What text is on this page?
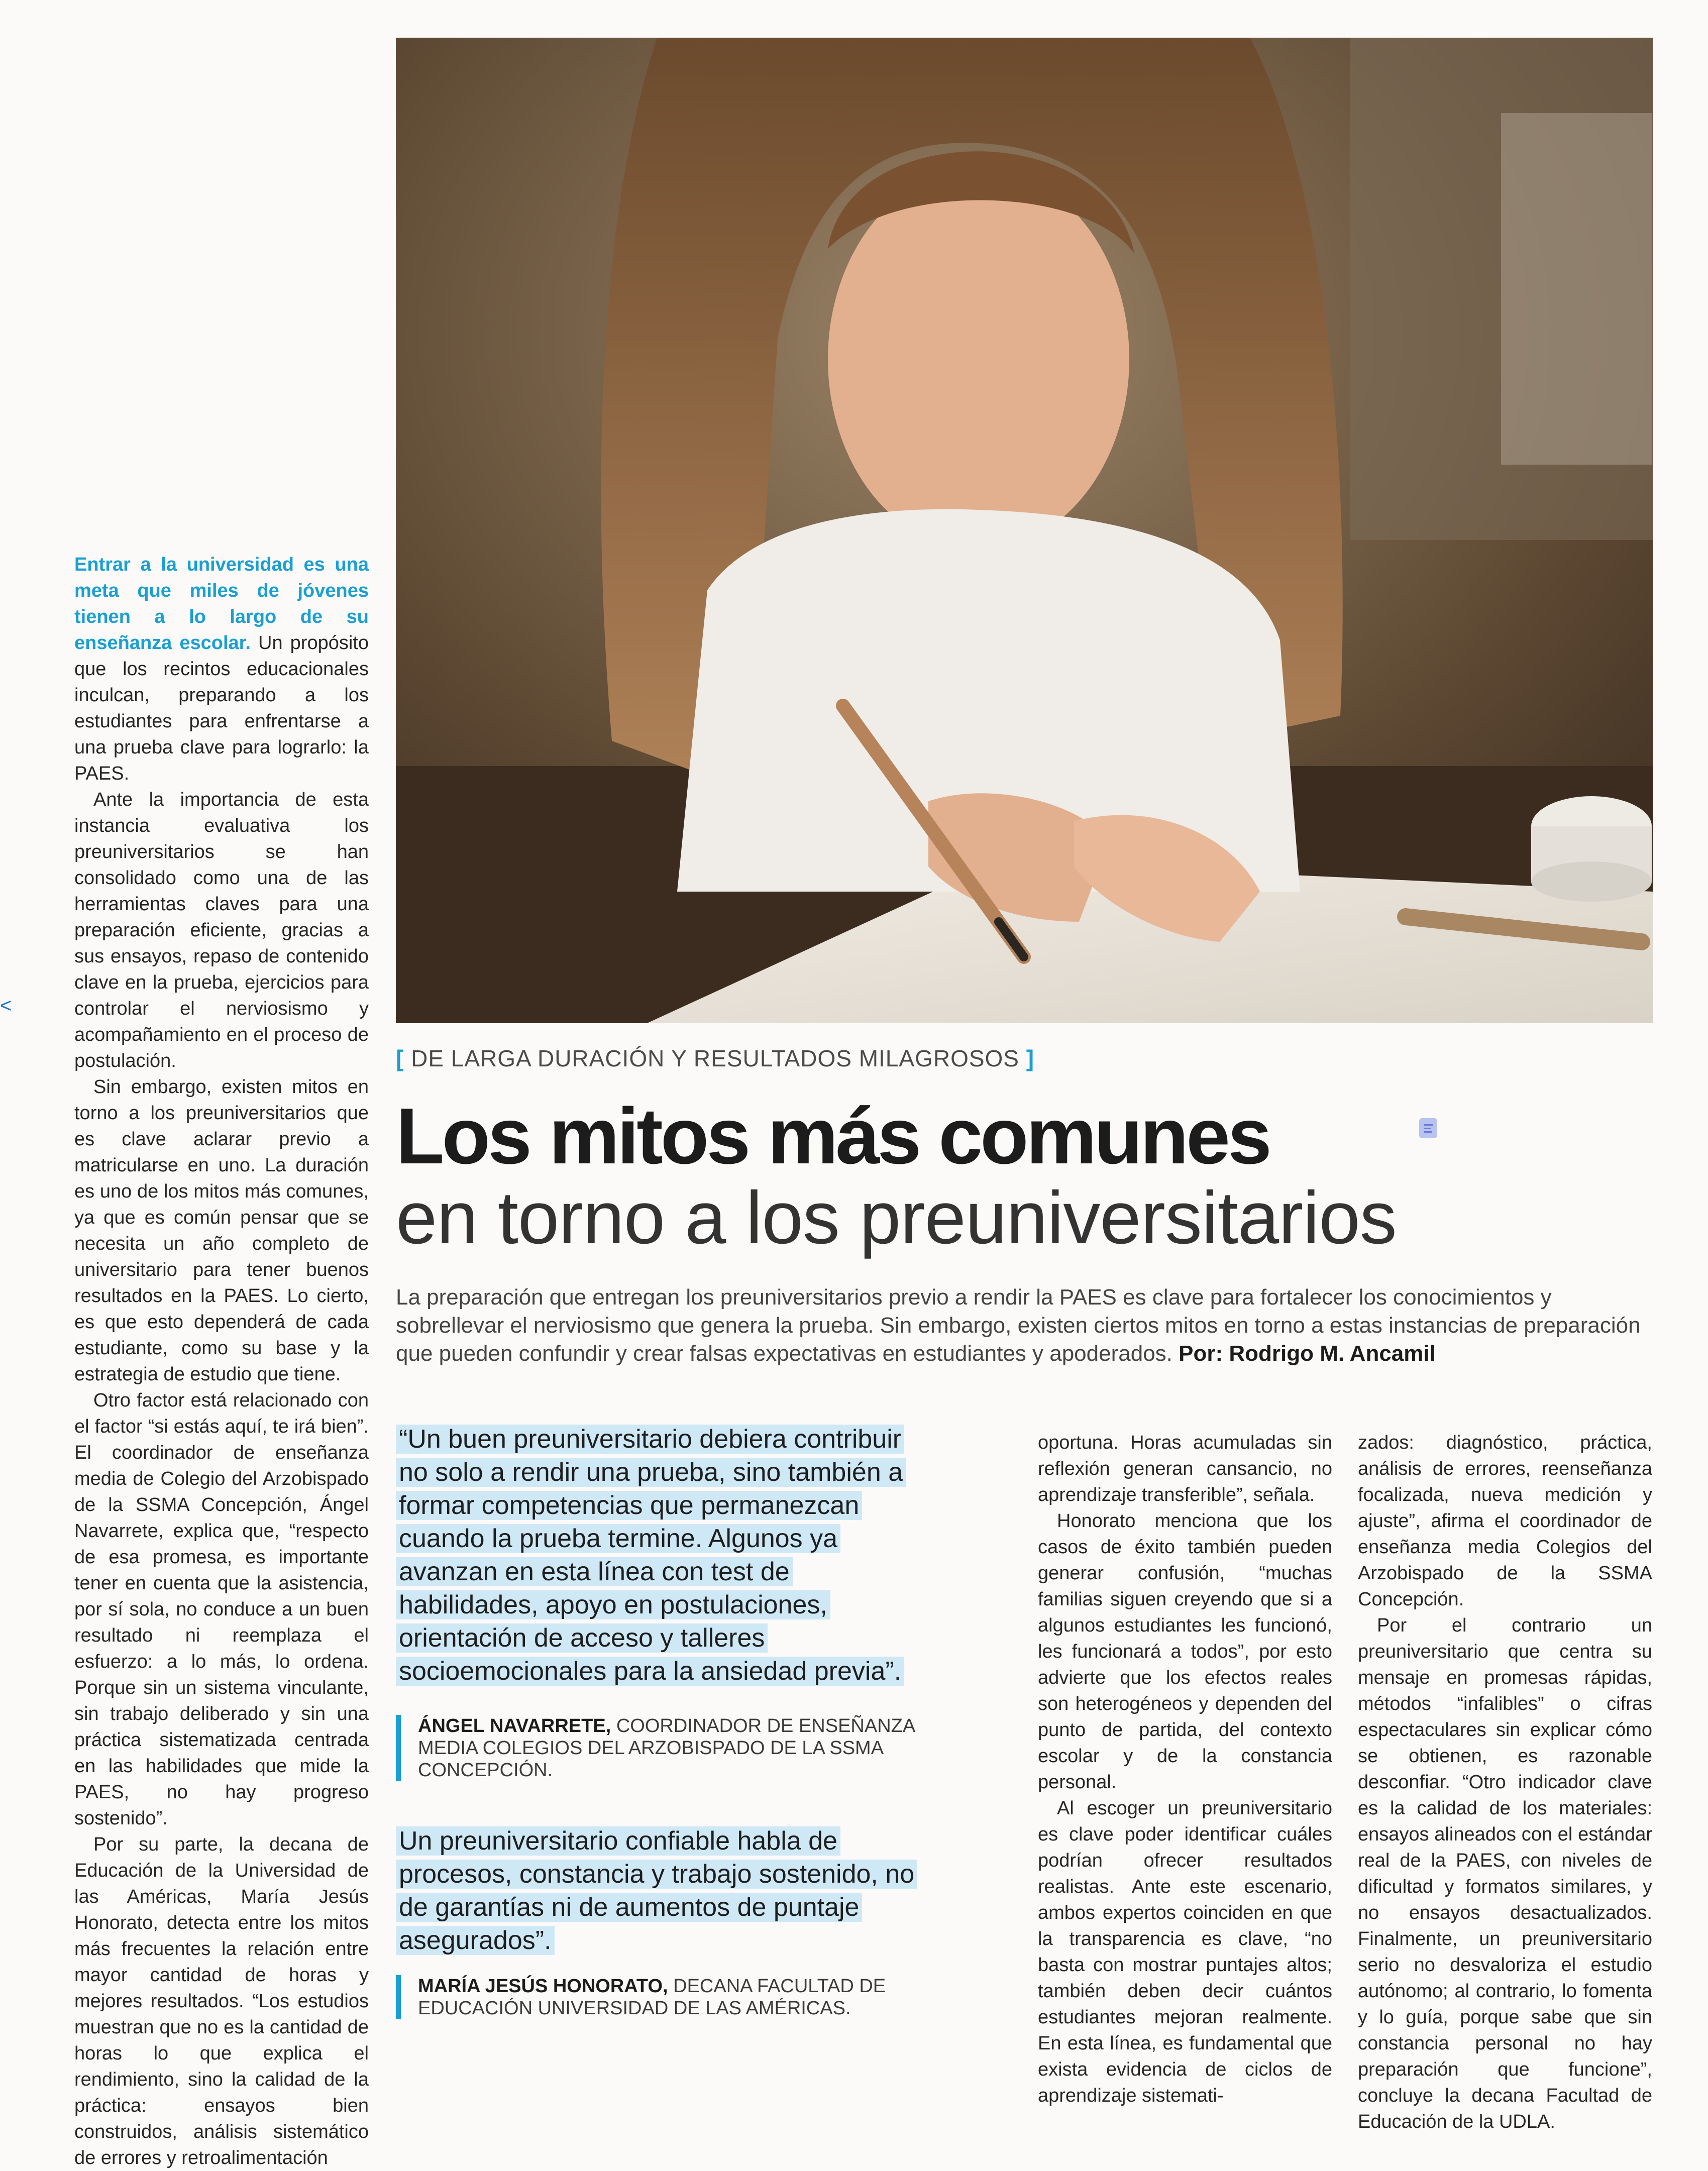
Entrar a la universidad es una meta que miles de jóvenes tienen a lo largo de su enseñanza escolar. Un propósito que los recintos educacionales inculcan, preparando a los estudiantes para enfrentarse a una prueba clave para lograrlo: la PAES.

Ante la importancia de esta instancia evaluativa los preuniversitarios se han consolidado como una de las herramientas claves para una preparación eficiente, gracias a sus ensayos, repaso de contenido clave en la prueba, ejercicios para controlar el nerviosismo y acompañamiento en el proceso de postulación.

Sin embargo, existen mitos en torno a los preuniversitarios que es clave aclarar previo a matricularse en uno. La duración es uno de los mitos más comunes, ya que es común pensar que se necesita un año completo de universitario para tener buenos resultados en la PAES. Lo cierto, es que esto dependerá de cada estudiante, como su base y la estrategia de estudio que tiene.

Otro factor está relacionado con el factor “si estás aquí, te irá bien”. El coordinador de enseñanza media de Colegio del Arzobispado de la SSMA Concepción, Ángel Navarrete, explica que, “respecto de esa promesa, es importante tener en cuenta que la asistencia, por sí sola, no conduce a un buen resultado ni reemplaza el esfuerzo: a lo más, lo ordena. Porque sin un sistema vinculante, sin trabajo deliberado y sin una práctica sistematizada centrada en las habilidades que mide la PAES, no hay progreso sostenido”.

Por su parte, la decana de Educación de la Universidad de las Américas, María Jesús Honorato, detecta entre los mitos más frecuentes la relación entre mayor cantidad de horas y mejores resultados. “Los estudios muestran que no es la cantidad de horas lo que explica el rendimiento, sino la calidad de la práctica: ensayos bien construidos, análisis sistemático de errores y retroalimentación

<
[ DE LARGA DURACIÓN Y RESULTADOS MILAGROSOS ]
Los mitos más comunes
en torno a los preuniversitarios
La preparación que entregan los preuniversitarios previo a rendir la PAES es clave para fortalecer los conocimientos y sobrellevar el nerviosismo que genera la prueba. Sin embargo, existen ciertos mitos en torno a estas instancias de preparación que pueden confundir y crear falsas expectativas en estudiantes y apoderados. Por: Rodrigo M. Ancamil
“Un buen preuniversitario debiera contribuir no solo a rendir una prueba, sino también a formar competencias que permanezcan cuando la prueba termine. Algunos ya avanzan en esta línea con test de habilidades, apoyo en postulaciones, orientación de acceso y talleres socioemocionales para la ansiedad previa”.
ÁNGEL NAVARRETE, COORDINADOR DE ENSEÑANZA MEDIA COLEGIOS DEL ARZOBISPADO DE LA SSMA CONCEPCIÓN.
Un preuniversitario confiable habla de procesos, constancia y trabajo sostenido, no de garantías ni de aumentos de puntaje asegurados”.
MARÍA JESÚS HONORATO, DECANA FACULTAD DE EDUCACIÓN UNIVERSIDAD DE LAS AMÉRICAS.

oportuna. Horas acumuladas sin reflexión generan cansancio, no aprendizaje transferible”, señala.

Honorato menciona que los casos de éxito también pueden generar confusión, “muchas familias siguen creyendo que si a algunos estudiantes les funcionó, les funcionará a todos”, por esto advierte que los efectos reales son heterogéneos y dependen del punto de partida, del contexto escolar y de la constancia personal.

Al escoger un preuniversitario es clave poder identificar cuáles podrían ofrecer resultados realistas. Ante este escenario, ambos expertos coinciden en que la transparencia es clave, “no basta con mostrar puntajes altos; también deben decir cuántos estudiantes mejoran realmente. En esta línea, es fundamental que exista evidencia de ciclos de aprendizaje sistemati-

zados: diagnóstico, práctica, análisis de errores, reenseñanza focalizada, nueva medición y ajuste”, afirma el coordinador de enseñanza media Colegios del Arzobispado de la SSMA Concepción.

Por el contrario un preuniversitario que centra su mensaje en promesas rápidas, métodos “infalibles” o cifras espectaculares sin explicar cómo se obtienen, es razonable desconfiar. “Otro indicador clave es la calidad de los materiales: ensayos alineados con el estándar real de la PAES, con niveles de dificultad y formatos similares, y no ensayos desactualizados. Finalmente, un preuniversitario serio no desvaloriza el estudio autónomo; al contrario, lo fomenta y lo guía, porque sabe que sin constancia personal no hay preparación que funcione”, concluye la decana Facultad de Educación de la UDLA.
